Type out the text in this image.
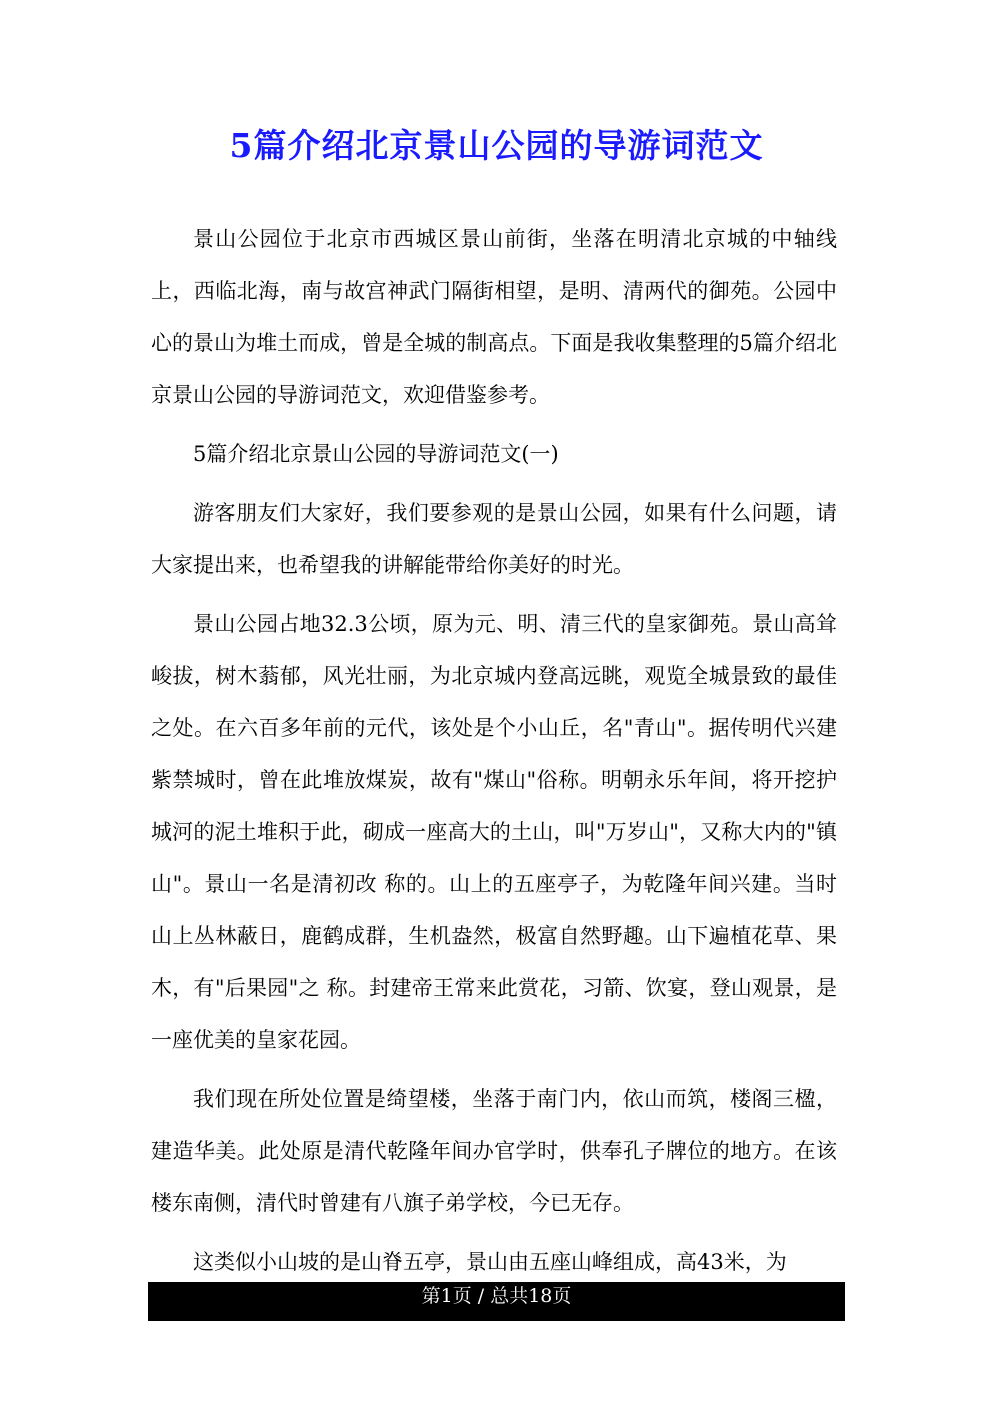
5篇介绍北京景山公园的导游词范文

景山公园位于北京市西城区景山前街，坐落在明清北京城的中轴线上，西临北海，南与故宫神武门隔街相望，是明、清两代的御苑。公园中心的景山为堆土而成，曾是全城的制高点。下面是我收集整理的5篇介绍北京景山公园的导游词范文，欢迎借鉴参考。

5篇介绍北京景山公园的导游词范文(一)

游客朋友们大家好，我们要参观的是景山公园，如果有什么问题，请大家提出来，也希望我的讲解能带给你美好的时光。

景山公园占地32.3公顷，原为元、明、清三代的皇家御苑。景山高耸峻拔，树木蓊郁，风光壮丽，为北京城内登高远眺，观览全城景致的最佳之处。在六百多年前的元代，该处是个小山丘，名"青山"。据传明代兴建紫禁城时，曾在此堆放煤炭，故有"煤山"俗称。明朝永乐年间，将开挖护城河的泥土堆积于此，砌成一座高大的土山，叫"万岁山"，又称大内的"镇山"。景山一名是清初改 称的。山上的五座亭子，为乾隆年间兴建。当时山上丛林蔽日，鹿鹤成群，生机盎然，极富自然野趣。山下遍植花草、果木，有"后果园"之 称。封建帝王常来此赏花，习箭、饮宴，登山观景，是一座优美的皇家花园。

我们现在所处位置是绮望楼，坐落于南门内，依山而筑，楼阁三楹，建造华美。此处原是清代乾隆年间办官学时，供奉孔子牌位的地方。在该楼东南侧，清代时曾建有八旗子弟学校，今已无存。

这类似小山坡的是山脊五亭，景山由五座山峰组成，高43米，为

第1页 / 总共18页
